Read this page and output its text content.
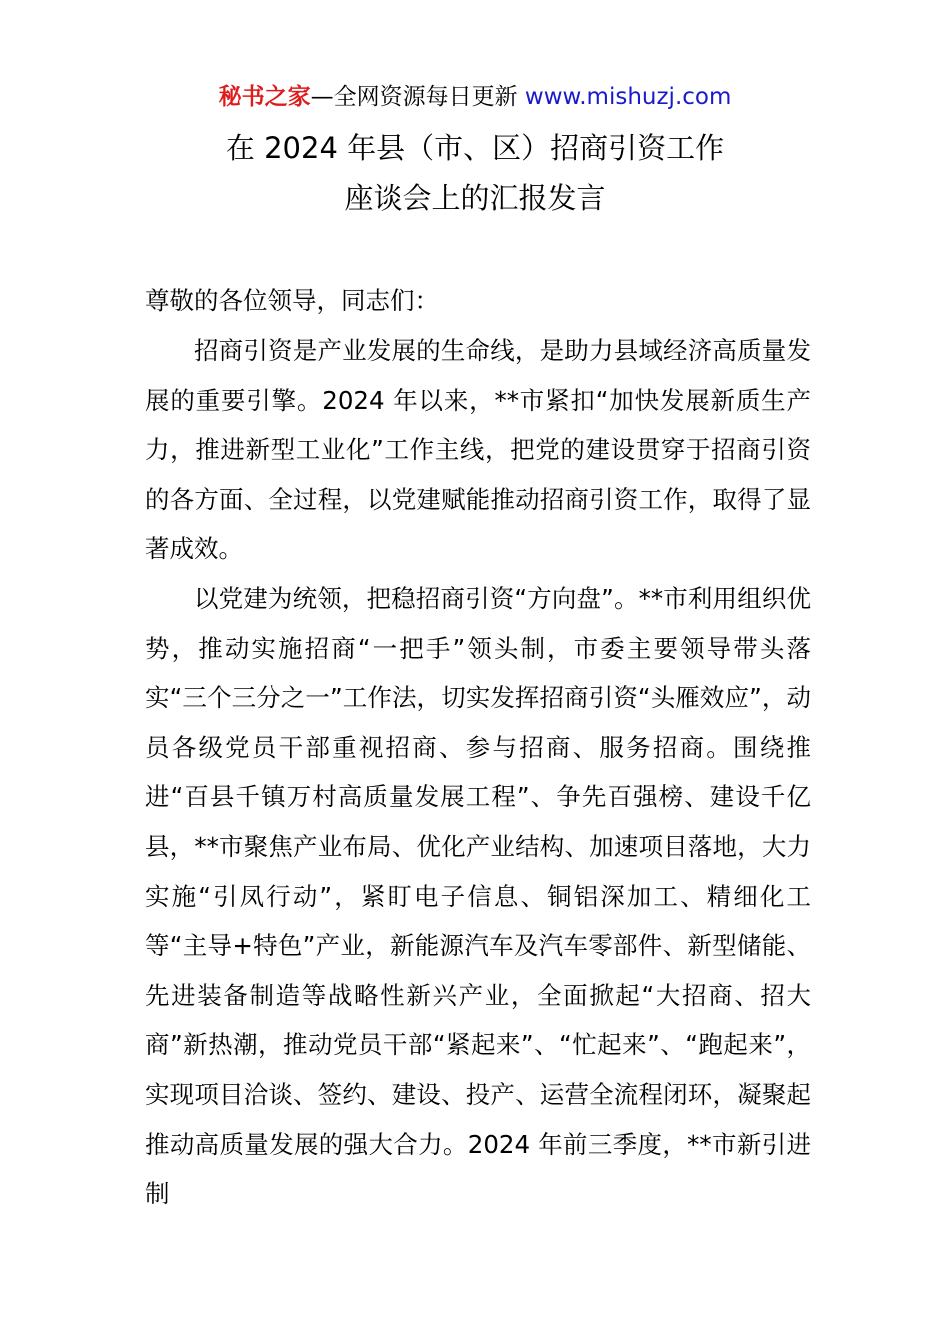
秘书之家—全网资源每日更新 www.mishuzj.com
在 2024 年县（市、区）招商引资工作
座谈会上的汇报发言

尊敬的各位领导，同志们：

招商引资是产业发展的生命线，是助力县域经济高质量发展的重要引擎。2024 年以来，**市紧扣“加快发展新质生产力，推进新型工业化”工作主线，把党的建设贯穿于招商引资的各方面、全过程，以党建赋能推动招商引资工作，取得了显著成效。

以党建为统领，把稳招商引资“方向盘”。**市利用组织优势，推动实施招商“一把手”领头制，市委主要领导带头落实“三个三分之一”工作法，切实发挥招商引资“头雁效应”，动员各级党员干部重视招商、参与招商、服务招商。围绕推进“百县千镇万村高质量发展工程”、争先百强榜、建设千亿县，**市聚焦产业布局、优化产业结构、加速项目落地，大力实施“引凤行动”，紧盯电子信息、铜铝深加工、精细化工等“主导+特色”产业，新能源汽车及汽车零部件、新型储能、先进装备制造等战略性新兴产业，全面掀起“大招商、招大商”新热潮，推动党员干部“紧起来”、“忙起来”、“跑起来”，实现项目洽谈、签约、建设、投产、运营全流程闭环，凝聚起推动高质量发展的强大合力。2024 年前三季度，**市新引进制
